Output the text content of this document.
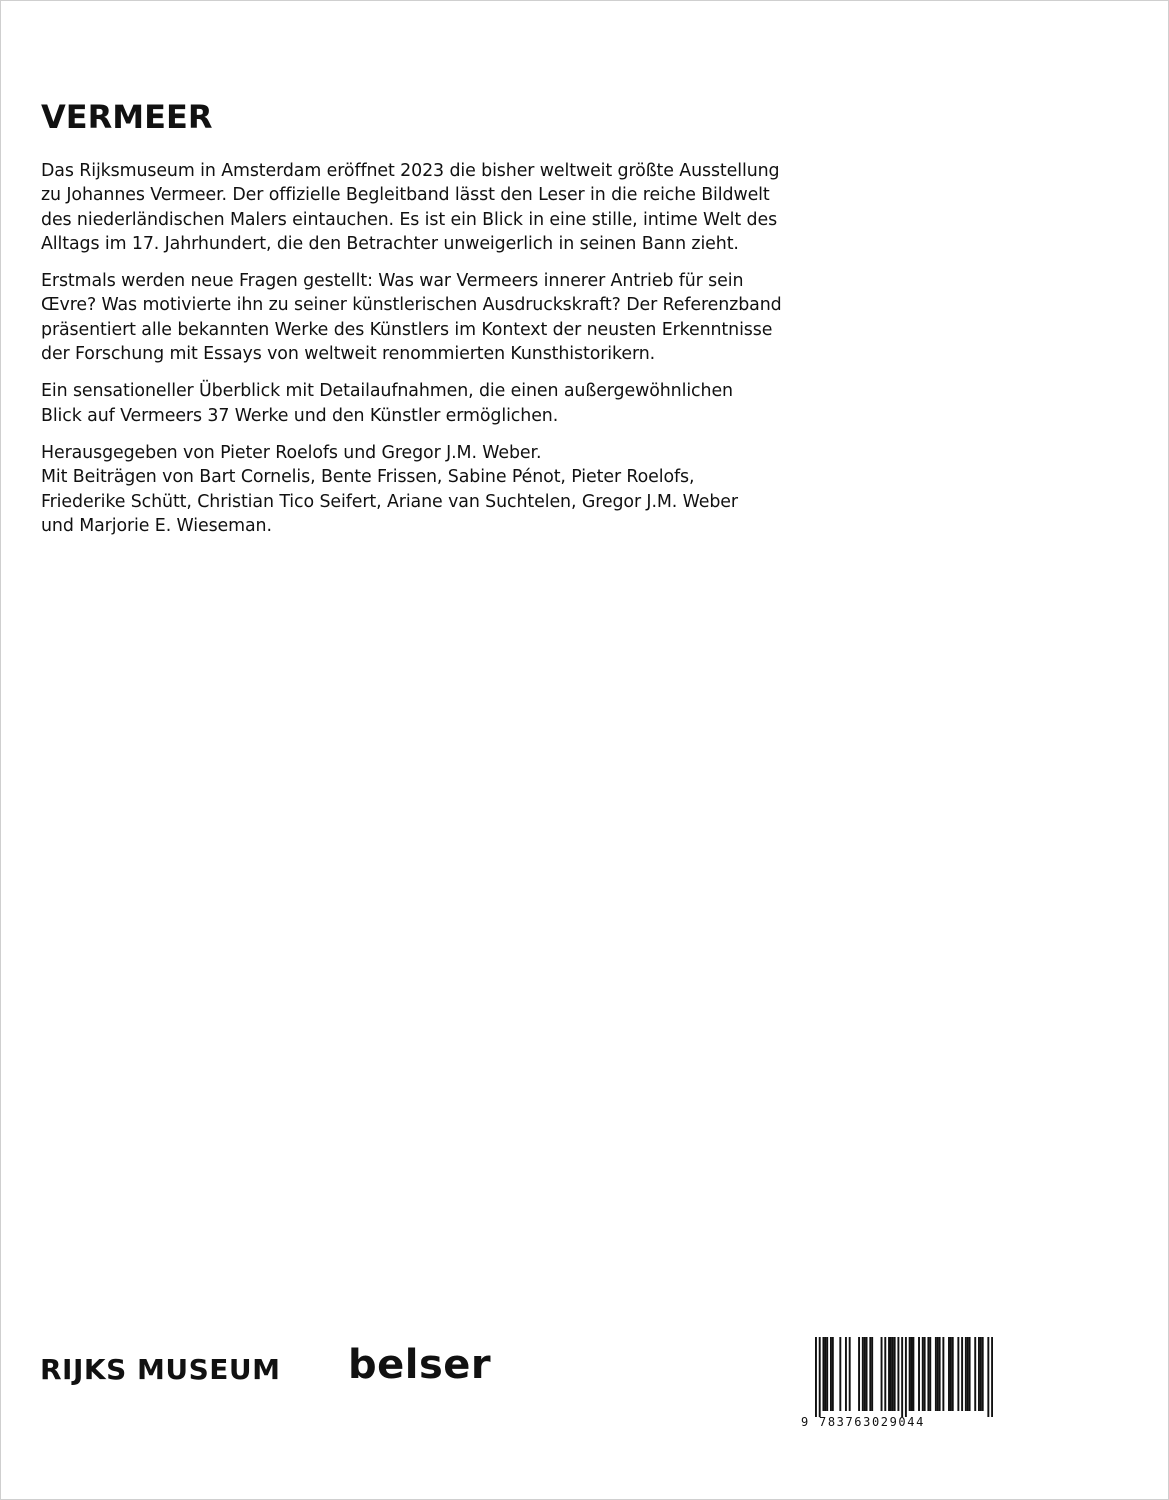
VERMEER

Das Rijksmuseum in Amsterdam eröffnet 2023 die bisher weltweit größte Ausstellung
zu Johannes Vermeer. Der offizielle Begleitband lässt den Leser in die reiche Bildwelt
des niederländischen Malers eintauchen. Es ist ein Blick in eine stille, intime Welt des
Alltags im 17. Jahrhundert, die den Betrachter unweigerlich in seinen Bann zieht.

Erstmals werden neue Fragen gestellt: Was war Vermeers innerer Antrieb für sein
Œvre? Was motivierte ihn zu seiner künstlerischen Ausdruckskraft? Der Referenzband
präsentiert alle bekannten Werke des Künstlers im Kontext der neusten Erkenntnisse
der Forschung mit Essays von weltweit renommierten Kunsthistorikern.

Ein sensationeller Überblick mit Detailaufnahmen, die einen außergewöhnlichen
Blick auf Vermeers 37 Werke und den Künstler ermöglichen.

Herausgegeben von Pieter Roelofs und Gregor J.M. Weber.
Mit Beiträgen von Bart Cornelis, Bente Frissen, Sabine Pénot, Pieter Roelofs,
Friederike Schütt, Christian Tico Seifert, Ariane van Suchtelen, Gregor J.M. Weber
und Marjorie E. Wieseman.

RIJKS MUSEUM belser
9 783763029044
